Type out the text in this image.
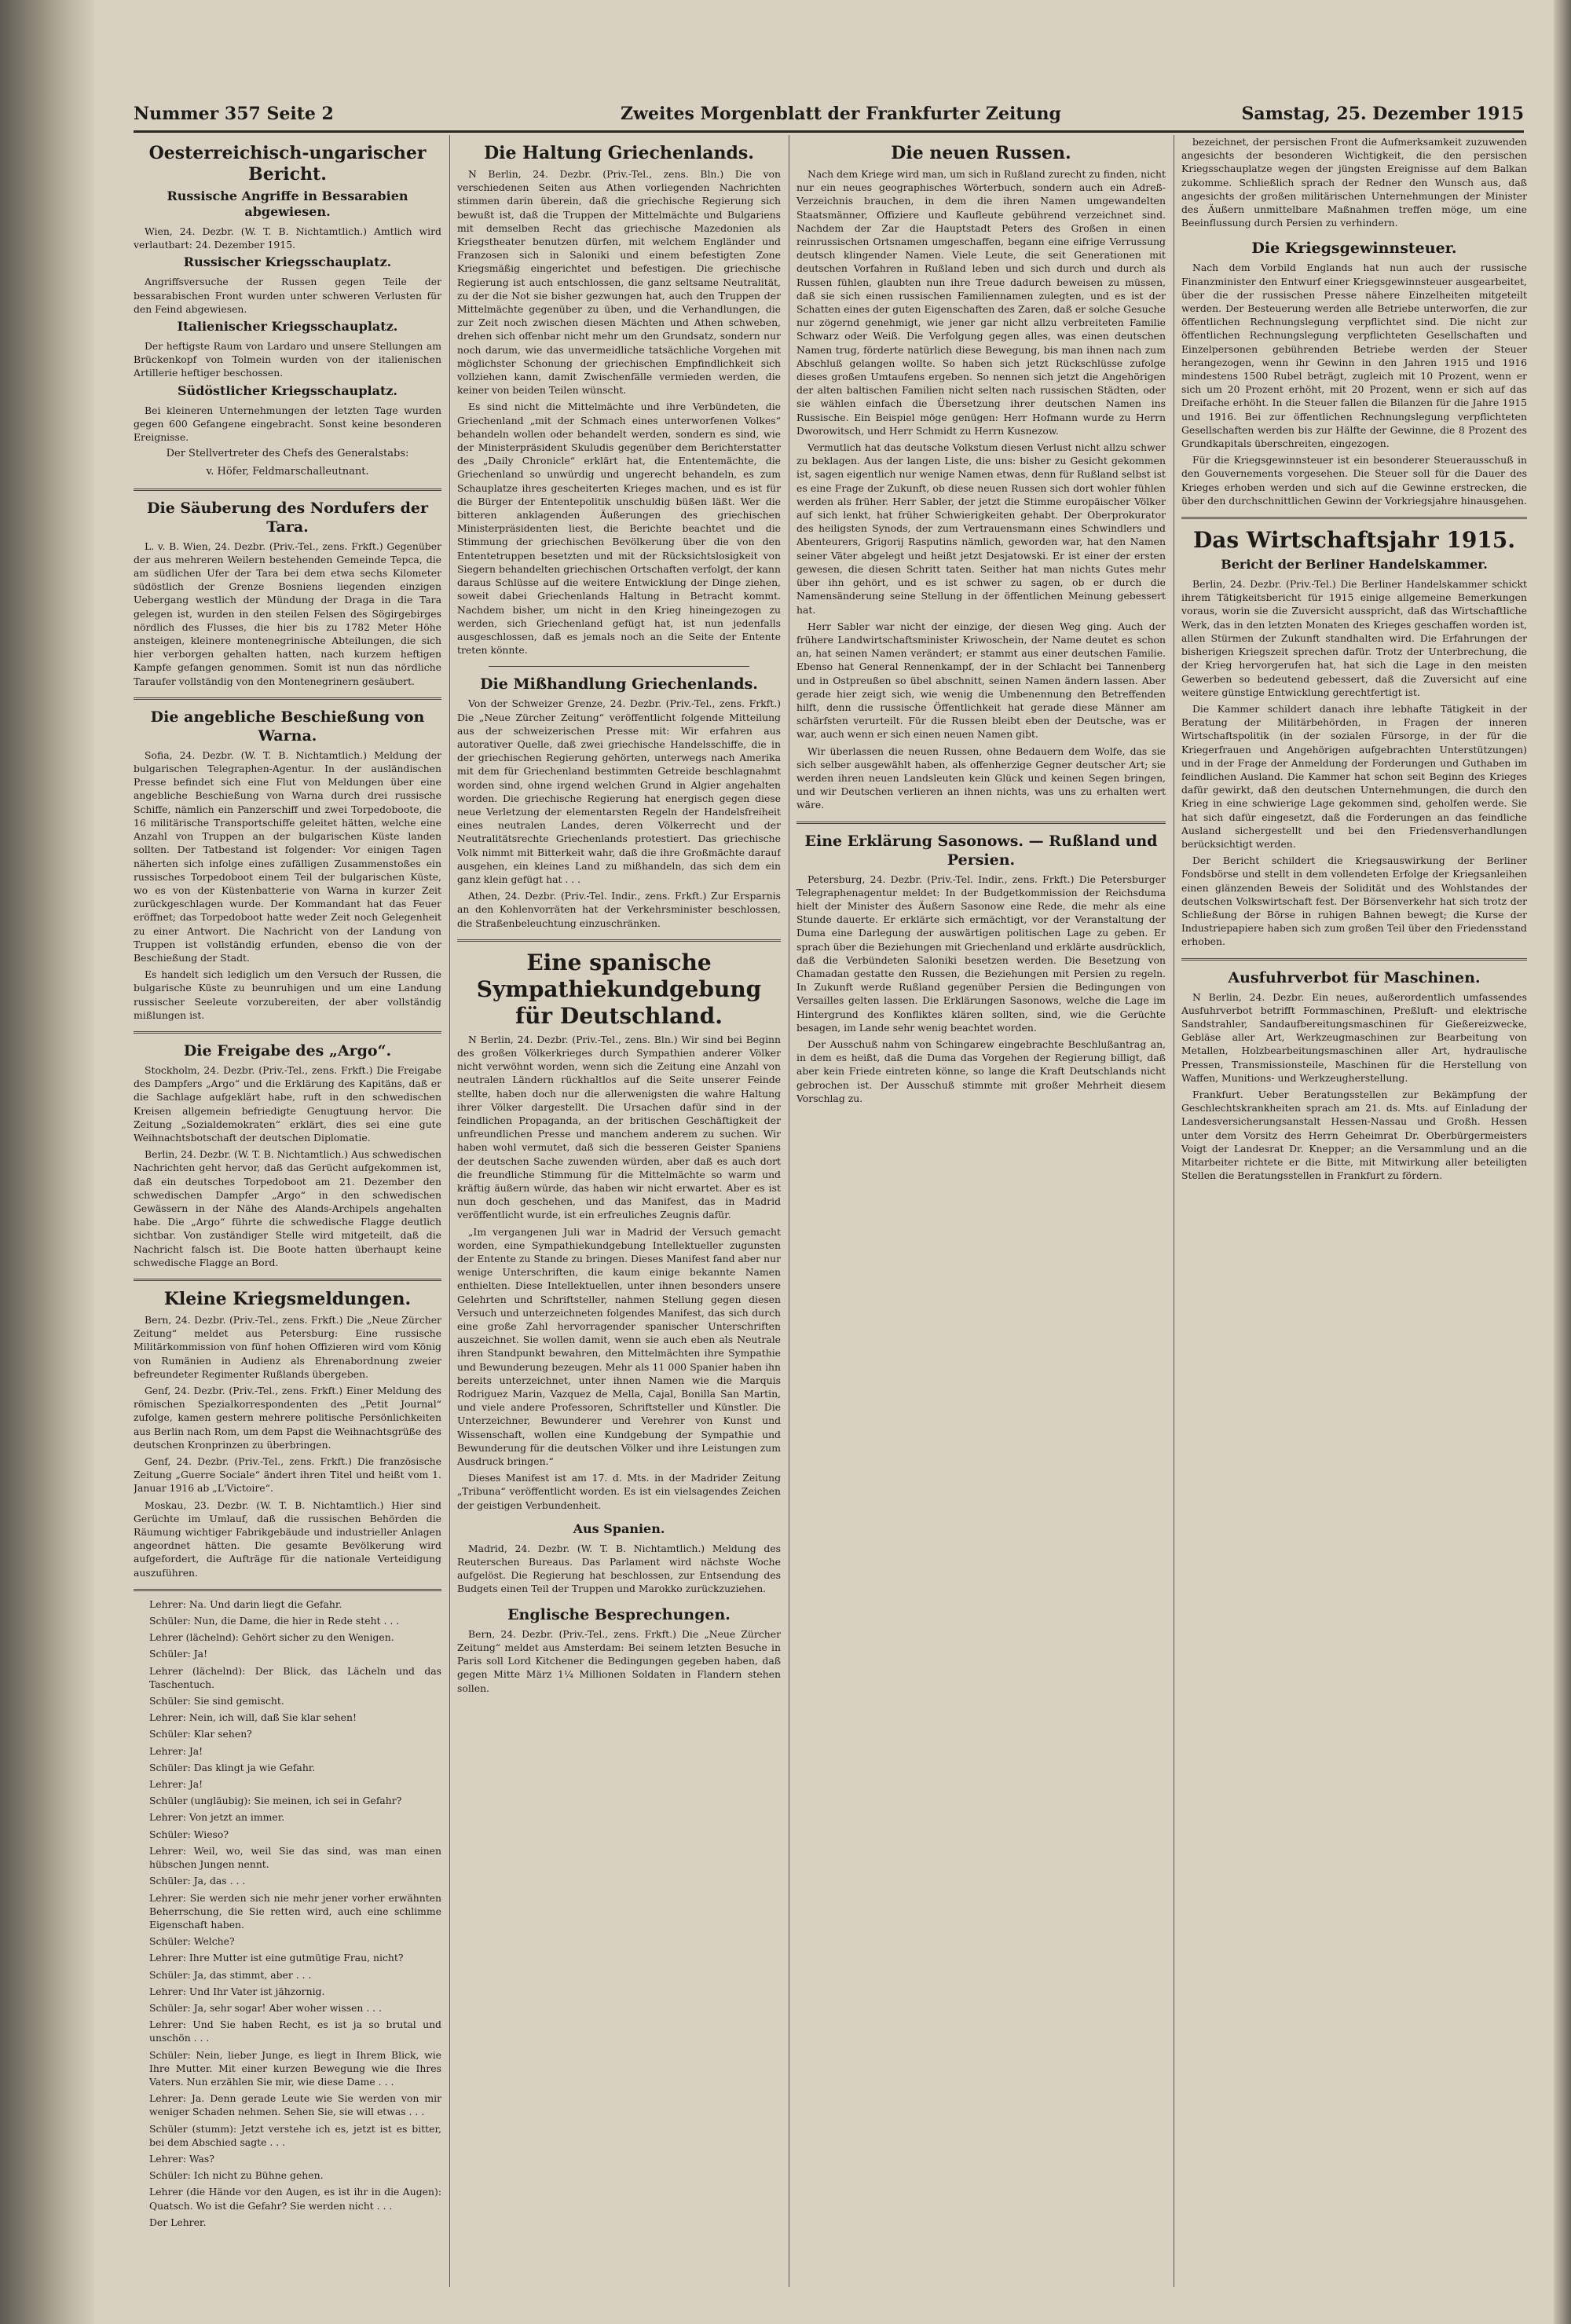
Nummer 357 Seite 2	Zweites Morgenblatt der Frankfurter Zeitung	Samstag, 25. Dezember 1915
Oesterreichisch-ungarischer Bericht.
Russische Angriffe in Bessarabien abgewiesen.

Wien, 24. Dezbr. (W. T. B. Nichtamtlich.) Amtlich wird verlautbart: 24. Dezember 1915.

Russischer Kriegsschauplatz.

Angriffsversuche der Russen gegen Teile der bessarabischen Front wurden unter schweren Verlusten für den Feind abgewiesen.

Italienischer Kriegsschauplatz.

Der heftigste Raum von Lardaro und unsere Stellungen am Brückenkopf von Tolmein wurden von der italienischen Artillerie heftiger beschossen.

Südöstlicher Kriegsschauplatz.

Bei kleineren Unternehmungen der letzten Tage wurden gegen 600 Gefangene eingebracht. Sonst keine besonderen Ereignisse.

Der Stellvertreter des Chefs des Generalstabs:
v. Höfer, Feldmarschalleutnant.
Die Säuberung des Nordufers der Tara.

L. v. B. Wien, 24. Dezbr. (Priv.-Tel., zens. Frkft.) Gegenüber der aus mehreren Weilern bestehenden Gemeinde Tepca, die am südlichen Ufer der Tara bei dem etwa sechs Kilometer südöstlich der Grenze Bosniens liegenden einzigen Uebergang westlich der Mündung der Draga in die Tara gelegen ist, wurden in den steilen Felsen des Sögirgebirges nördlich des Flusses, die hier bis zu 1782 Meter Höhe ansteigen, kleinere montenegrinische Abteilungen, die sich hier verborgen gehalten hatten, nach kurzem heftigen Kampfe gefangen genommen. Somit ist nun das nördliche Taraufer vollständig von den Montenegrinern gesäubert.

Die angebliche Beschießung von Warna.

Sofia, 24. Dezbr. (W. T. B. Nichtamtlich.) Meldung der bulgarischen Telegraphen-Agentur. In der ausländischen Presse befindet sich eine Flut von Meldungen über eine angebliche Beschießung von Warna durch drei russische Schiffe, nämlich ein Panzerschiff und zwei Torpedoboote, die 16 militärische Transportschiffe geleitet hätten, welche eine Anzahl von Truppen an der bulgarischen Küste landen sollten. Der Tatbestand ist folgender: Vor einigen Tagen näherten sich infolge eines zufälligen Zusammenstoßes ein russisches Torpedoboot einem Teil der bulgarischen Küste, wo es von der Küstenbatterie von Warna in kurzer Zeit zurückgeschlagen wurde. Der Kommandant hat das Feuer eröffnet; das Torpedoboot hatte weder Zeit noch Gelegenheit zu einer Antwort. Die Nachricht von der Landung von Truppen ist vollständig erfunden, ebenso die von der Beschießung der Stadt.

Es handelt sich lediglich um den Versuch der Russen, die bulgarische Küste zu beunruhigen und um eine Landung russischer Seeleute vorzubereiten, der aber vollständig mißlungen ist.

Die Freigabe des „Argo“.

Stockholm, 24. Dezbr. (Priv.-Tel., zens. Frkft.) Die Freigabe des Dampfers „Argo“ und die Erklärung des Kapitäns, daß er die Sachlage aufgeklärt habe, ruft in den schwedischen Kreisen allgemein befriedigte Genugtuung hervor. Die Zeitung „Sozialdemokraten“ erklärt, dies sei eine gute Weihnachtsbotschaft der deutschen Diplomatie.

Berlin, 24. Dezbr. (W. T. B. Nichtamtlich.) Aus schwedischen Nachrichten geht hervor, daß das Gerücht aufgekommen ist, daß ein deutsches Torpedoboot am 21. Dezember den schwedischen Dampfer „Argo“ in den schwedischen Gewässern in der Nähe des Alands-Archipels angehalten habe. Die „Argo“ führte die schwedische Flagge deutlich sichtbar. Von zuständiger Stelle wird mitgeteilt, daß die Nachricht falsch ist. Die Boote hatten überhaupt keine schwedische Flagge an Bord.

Kleine Kriegsmeldungen.

Bern, 24. Dezbr. (Priv.-Tel., zens. Frkft.) Die „Neue Zürcher Zeitung“ meldet aus Petersburg: Eine russische Militärkommission von fünf hohen Offizieren wird vom König von Rumänien in Audienz als Ehrenabordnung zweier befreundeter Regimenter Rußlands übergeben.

Genf, 24. Dezbr. (Priv.-Tel., zens. Frkft.) Einer Meldung des römischen Spezialkorrespondenten des „Petit Journal“ zufolge, kamen gestern mehrere politische Persönlichkeiten aus Berlin nach Rom, um dem Papst die Weihnachtsgrüße des deutschen Kronprinzen zu überbringen.

Genf, 24. Dezbr. (Priv.-Tel., zens. Frkft.) Die französische Zeitung „Guerre Sociale“ ändert ihren Titel und heißt vom 1. Januar 1916 ab „L'Victoire“.

Moskau, 23. Dezbr. (W. T. B. Nichtamtlich.) Hier sind Gerüchte im Umlauf, daß die russischen Behörden die Räumung wichtiger Fabrikgebäude und industrieller Anlagen angeordnet hätten. Die gesamte Bevölkerung wird aufgefordert, die Aufträge für die nationale Verteidigung auszuführen.

Lehrer: Na. Und darin liegt die Gefahr.

Schüler: Nun, die Dame, die hier in Rede steht . . .

Lehrer (lächelnd): Gehört sicher zu den Wenigen.

Schüler: Ja!

Lehrer (lächelnd): Der Blick, das Lächeln und das Taschentuch.

Schüler: Sie sind gemischt.

Lehrer: Nein, ich will, daß Sie klar sehen!

Schüler: Klar sehen?

Lehrer: Ja!

Schüler: Das klingt ja wie Gefahr.

Lehrer: Ja!

Schüler (ungläubig): Sie meinen, ich sei in Gefahr?

Lehrer: Von jetzt an immer.

Schüler: Wieso?

Lehrer: Weil, wo, weil Sie das sind, was man einen hübschen Jungen nennt.

Schüler: Ja, das . . .

Lehrer: Sie werden sich nie mehr jener vorher erwähnten Beherrschung, die Sie retten wird, auch eine schlimme Eigenschaft haben.

Schüler: Welche?

Lehrer: Ihre Mutter ist eine gutmütige Frau, nicht?

Schüler: Ja, das stimmt, aber . . .

Lehrer: Und Ihr Vater ist jähzornig.

Schüler: Ja, sehr sogar! Aber woher wissen . . .

Lehrer: Und Sie haben Recht, es ist ja so brutal und unschön . . .

Schüler: Nein, lieber Junge, es liegt in Ihrem Blick, wie Ihre Mutter. Mit einer kurzen Bewegung wie die Ihres Vaters. Nun erzählen Sie mir, wie diese Dame . . .

Lehrer: Ja. Denn gerade Leute wie Sie werden von mir weniger Schaden nehmen. Sehen Sie, sie will etwas . . .

Schüler (stumm): Jetzt verstehe ich es, jetzt ist es bitter, bei dem Abschied sagte . . .

Lehrer: Was?

Schüler: Ich nicht zu Bühne gehen.

Lehrer (die Hände vor den Augen, es ist ihr in die Augen): Quatsch. Wo ist die Gefahr? Sie werden nicht . . .

Der Lehrer.

Die Haltung Griechenlands.

N Berlin, 24. Dezbr. (Priv.-Tel., zens. Bln.) Die von verschiedenen Seiten aus Athen vorliegenden Nachrichten stimmen darin überein, daß die griechische Regierung sich bewußt ist, daß die Truppen der Mittelmächte und Bulgariens mit demselben Recht das griechische Mazedonien als Kriegstheater benutzen dürfen, mit welchem Engländer und Franzosen sich in Saloniki und einem befestigten Zone Kriegsmäßig eingerichtet und befestigen. Die griechische Regierung ist auch entschlossen, die ganz seltsame Neutralität, zu der die Not sie bisher gezwungen hat, auch den Truppen der Mittelmächte gegenüber zu üben, und die Verhandlungen, die zur Zeit noch zwischen diesen Mächten und Athen schweben, drehen sich offenbar nicht mehr um den Grundsatz, sondern nur noch darum, wie das unvermeidliche tatsächliche Vorgehen mit möglichster Schonung der griechischen Empfindlichkeit sich vollziehen kann, damit Zwischenfälle vermieden werden, die keiner von beiden Teilen wünscht.

Es sind nicht die Mittelmächte und ihre Verbündeten, die Griechenland „mit der Schmach eines unterworfenen Volkes“ behandeln wollen oder behandelt werden, sondern es sind, wie der Ministerpräsident Skuludis gegenüber dem Berichterstatter des „Daily Chronicle“ erklärt hat, die Ententemächte, die Griechenland so unwürdig und ungerecht behandeln, es zum Schauplatze ihres gescheiterten Krieges machen, und es ist für die Bürger der Ententepolitik unschuldig büßen läßt. Wer die bitteren anklagenden Äußerungen des griechischen Ministerpräsidenten liest, die Berichte beachtet und die Stimmung der griechischen Bevölkerung über die von den Ententetruppen besetzten und mit der Rücksichtslosigkeit von Siegern behandelten griechischen Ortschaften verfolgt, der kann daraus Schlüsse auf die weitere Entwicklung der Dinge ziehen, soweit dabei Griechenlands Haltung in Betracht kommt. Nachdem bisher, um nicht in den Krieg hineingezogen zu werden, sich Griechenland gefügt hat, ist nun jedenfalls ausgeschlossen, daß es jemals noch an die Seite der Entente treten könnte.

Die Mißhandlung Griechenlands.

Von der Schweizer Grenze, 24. Dezbr. (Priv.-Tel., zens. Frkft.) Die „Neue Zürcher Zeitung“ veröffentlicht folgende Mitteilung aus der schweizerischen Presse mit: Wir erfahren aus autorativer Quelle, daß zwei griechische Handelsschiffe, die in der griechischen Regierung gehörten, unterwegs nach Amerika mit dem für Griechenland bestimmten Getreide beschlagnahmt worden sind, ohne irgend welchen Grund in Algier angehalten worden. Die griechische Regierung hat energisch gegen diese neue Verletzung der elementarsten Regeln der Handelsfreiheit eines neutralen Landes, deren Völkerrecht und der Neutralitätsrechte Griechenlands protestiert. Das griechische Volk nimmt mit Bitterkeit wahr, daß die ihre Großmächte darauf ausgehen, ein kleines Land zu mißhandeln, das sich dem ein ganz klein gefügt hat . . .

Athen, 24. Dezbr. (Priv.-Tel. Indir., zens. Frkft.) Zur Ersparnis an den Kohlenvorräten hat der Verkehrsminister beschlossen, die Straßenbeleuchtung einzuschränken.

Eine spanische Sympathiekundgebung für Deutschland.

N Berlin, 24. Dezbr. (Priv.-Tel., zens. Bln.) Wir sind bei Beginn des großen Völkerkrieges durch Sympathien anderer Völker nicht verwöhnt worden, wenn sich die Zeitung eine Anzahl von neutralen Ländern rückhaltlos auf die Seite unserer Feinde stellte, haben doch nur die allerwenigsten die wahre Haltung ihrer Völker dargestellt. Die Ursachen dafür sind in der feindlichen Propaganda, an der britischen Geschäftigkeit der unfreundlichen Presse und manchem anderem zu suchen. Wir haben wohl vermutet, daß sich die besseren Geister Spaniens der deutschen Sache zuwenden würden, aber daß es auch dort die freundliche Stimmung für die Mittelmächte so warm und kräftig äußern würde, das haben wir nicht erwartet. Aber es ist nun doch geschehen, und das Manifest, das in Madrid veröffentlicht wurde, ist ein erfreuliches Zeugnis dafür.

„Im vergangenen Juli war in Madrid der Versuch gemacht worden, eine Sympathiekundgebung Intellektueller zugunsten der Entente zu Stande zu bringen. Dieses Manifest fand aber nur wenige Unterschriften, die kaum einige bekannte Namen enthielten. Diese Intellektuellen, unter ihnen besonders unsere Gelehrten und Schriftsteller, nahmen Stellung gegen diesen Versuch und unterzeichneten folgendes Manifest, das sich durch eine große Zahl hervorragender spanischer Unterschriften auszeichnet. Sie wollen damit, wenn sie auch eben als Neutrale ihren Standpunkt bewahren, den Mittelmächten ihre Sympathie und Bewunderung bezeugen. Mehr als 11 000 Spanier haben ihn bereits unterzeichnet, unter ihnen Namen wie die Marquis Rodriguez Marin, Vazquez de Mella, Cajal, Bonilla San Martin, und viele andere Professoren, Schriftsteller und Künstler. Die Unterzeichner, Bewunderer und Verehrer von Kunst und Wissenschaft, wollen eine Kundgebung der Sympathie und Bewunderung für die deutschen Völker und ihre Leistungen zum Ausdruck bringen.“

Dieses Manifest ist am 17. d. Mts. in der Madrider Zeitung „Tribuna“ veröffentlicht worden. Es ist ein vielsagendes Zeichen der geistigen Verbundenheit.

Aus Spanien.

Madrid, 24. Dezbr. (W. T. B. Nichtamtlich.) Meldung des Reuterschen Bureaus. Das Parlament wird nächste Woche aufgelöst. Die Regierung hat beschlossen, zur Entsendung des Budgets einen Teil der Truppen und Marokko zurückzuziehen.

Englische Besprechungen.

Bern, 24. Dezbr. (Priv.-Tel., zens. Frkft.) Die „Neue Zürcher Zeitung“ meldet aus Amsterdam: Bei seinem letzten Besuche in Paris soll Lord Kitchener die Bedingungen gegeben haben, daß gegen Mitte März 1¼ Millionen Soldaten in Flandern stehen sollen.

Die neuen Russen.

Nach dem Kriege wird man, um sich in Rußland zurecht zu finden, nicht nur ein neues geographisches Wörterbuch, sondern auch ein Adreß-Verzeichnis brauchen, in dem die ihren Namen umgewandelten Staatsmänner, Offiziere und Kaufleute gebührend verzeichnet sind. Nachdem der Zar die Hauptstadt Peters des Großen in einen reinrussischen Ortsnamen umgeschaffen, begann eine eifrige Verrussung deutsch klingender Namen. Viele Leute, die seit Generationen mit deutschen Vorfahren in Rußland leben und sich durch und durch als Russen fühlen, glaubten nun ihre Treue dadurch beweisen zu müssen, daß sie sich einen russischen Familiennamen zulegten, und es ist der Schatten eines der guten Eigenschaften des Zaren, daß er solche Gesuche nur zögernd genehmigt, wie jener gar nicht allzu verbreiteten Familie Schwarz oder Weiß. Die Verfolgung gegen alles, was einen deutschen Namen trug, förderte natürlich diese Bewegung, bis man ihnen nach zum Abschluß gelangen wollte. So haben sich jetzt Rückschlüsse zufolge dieses großen Umtaufens ergeben. So nennen sich jetzt die Angehörigen der alten baltischen Familien nicht selten nach russischen Städten, oder sie wählen einfach die Übersetzung ihrer deutschen Namen ins Russische. Ein Beispiel möge genügen: Herr Hofmann wurde zu Herrn Dworowitsch, und Herr Schmidt zu Herrn Kusnezow.

Vermutlich hat das deutsche Volkstum diesen Verlust nicht allzu schwer zu beklagen. Aus der langen Liste, die uns: bisher zu Gesicht gekommen ist, sagen eigentlich nur wenige Namen etwas, denn für Rußland selbst ist es eine Frage der Zukunft, ob diese neuen Russen sich dort wohler fühlen werden als früher. Herr Sabler, der jetzt die Stimme europäischer Völker auf sich lenkt, hat früher Schwierigkeiten gehabt. Der Oberprokurator des heiligsten Synods, der zum Vertrauensmann eines Schwindlers und Abenteurers, Grigorij Rasputins nämlich, geworden war, hat den Namen seiner Väter abgelegt und heißt jetzt Desjatowski. Er ist einer der ersten gewesen, die diesen Schritt taten. Seither hat man nichts Gutes mehr über ihn gehört, und es ist schwer zu sagen, ob er durch die Namensänderung seine Stellung in der öffentlichen Meinung gebessert hat.

Herr Sabler war nicht der einzige, der diesen Weg ging. Auch der frühere Landwirtschaftsminister Kriwoschein, der Name deutet es schon an, hat seinen Namen verändert; er stammt aus einer deutschen Familie. Ebenso hat General Rennenkampf, der in der Schlacht bei Tannenberg und in Ostpreußen so übel abschnitt, seinen Namen ändern lassen. Aber gerade hier zeigt sich, wie wenig die Umbenennung den Betreffenden hilft, denn die russische Öffentlichkeit hat gerade diese Männer am schärfsten verurteilt. Für die Russen bleibt eben der Deutsche, was er war, auch wenn er sich einen neuen Namen gibt.

Wir überlassen die neuen Russen, ohne Bedauern dem Wolfe, das sie sich selber ausgewählt haben, als offenherzige Gegner deutscher Art; sie werden ihren neuen Landsleuten kein Glück und keinen Segen bringen, und wir Deutschen verlieren an ihnen nichts, was uns zu erhalten wert wäre.

Eine Erklärung Sasonows. — Rußland und Persien.

Petersburg, 24. Dezbr. (Priv.-Tel. Indir., zens. Frkft.) Die Petersburger Telegraphenagentur meldet: In der Budgetkommission der Reichsduma hielt der Minister des Äußern Sasonow eine Rede, die mehr als eine Stunde dauerte. Er erklärte sich ermächtigt, vor der Veranstaltung der Duma eine Darlegung der auswärtigen politischen Lage zu geben. Er sprach über die Beziehungen mit Griechenland und erklärte ausdrücklich, daß die Verbündeten Saloniki besetzen werden. Die Besetzung von Chamadan gestatte den Russen, die Beziehungen mit Persien zu regeln. In Zukunft werde Rußland gegenüber Persien die Bedingungen von Versailles gelten lassen. Die Erklärungen Sasonows, welche die Lage im Hintergrund des Konfliktes klären sollten, sind, wie die Gerüchte besagen, im Lande sehr wenig beachtet worden.

Der Ausschuß nahm von Schingarew eingebrachte Beschlußantrag an, in dem es heißt, daß die Duma das Vorgehen der Regierung billigt, daß aber kein Friede eintreten könne, so lange die Kraft Deutschlands nicht gebrochen ist. Der Ausschuß stimmte mit großer Mehrheit diesem Vorschlag zu.

bezeichnet, der persischen Front die Aufmerksamkeit zuzuwenden angesichts der besonderen Wichtigkeit, die den persischen Kriegsschauplatze wegen der jüngsten Ereignisse auf dem Balkan zukomme. Schließlich sprach der Redner den Wunsch aus, daß angesichts der großen militärischen Unternehmungen der Minister des Äußern unmittelbare Maßnahmen treffen möge, um eine Beeinflussung durch Persien zu verhindern.

Die Kriegsgewinnsteuer.

Nach dem Vorbild Englands hat nun auch der russische Finanzminister den Entwurf einer Kriegsgewinnsteuer ausgearbeitet, über die der russischen Presse nähere Einzelheiten mitgeteilt werden. Der Besteuerung werden alle Betriebe unterworfen, die zur öffentlichen Rechnungslegung verpflichtet sind. Die nicht zur öffentlichen Rechnungslegung verpflichteten Gesellschaften und Einzelpersonen gebührenden Betriebe werden der Steuer herangezogen, wenn ihr Gewinn in den Jahren 1915 und 1916 mindestens 1500 Rubel beträgt, zugleich mit 10 Prozent, wenn er sich um 20 Prozent erhöht, mit 20 Prozent, wenn er sich auf das Dreifache erhöht. In die Steuer fallen die Bilanzen für die Jahre 1915 und 1916. Bei zur öffentlichen Rechnungslegung verpflichteten Gesellschaften werden bis zur Hälfte der Gewinne, die 8 Prozent des Grundkapitals überschreiten, eingezogen.

Für die Kriegsgewinnsteuer ist ein besonderer Steuerausschuß in den Gouvernements vorgesehen. Die Steuer soll für die Dauer des Krieges erhoben werden und sich auf die Gewinne erstrecken, die über den durchschnittlichen Gewinn der Vorkriegsjahre hinausgehen.

Das Wirtschaftsjahr 1915.
Bericht der Berliner Handelskammer.

Berlin, 24. Dezbr. (Priv.-Tel.) Die Berliner Handelskammer schickt ihrem Tätigkeitsbericht für 1915 einige allgemeine Bemerkungen voraus, worin sie die Zuversicht ausspricht, daß das Wirtschaftliche Werk, das in den letzten Monaten des Krieges geschaffen worden ist, allen Stürmen der Zukunft standhalten wird. Die Erfahrungen der bisherigen Kriegszeit sprechen dafür. Trotz der Unterbrechung, die der Krieg hervorgerufen hat, hat sich die Lage in den meisten Gewerben so bedeutend gebessert, daß die Zuversicht auf eine weitere günstige Entwicklung gerechtfertigt ist.

Die Kammer schildert danach ihre lebhafte Tätigkeit in der Beratung der Militärbehörden, in Fragen der inneren Wirtschaftspolitik (in der sozialen Fürsorge, in der für die Kriegerfrauen und Angehörigen aufgebrachten Unterstützungen) und in der Frage der Anmeldung der Forderungen und Guthaben im feindlichen Ausland. Die Kammer hat schon seit Beginn des Krieges dafür gewirkt, daß den deutschen Unternehmungen, die durch den Krieg in eine schwierige Lage gekommen sind, geholfen werde. Sie hat sich dafür eingesetzt, daß die Forderungen an das feindliche Ausland sichergestellt und bei den Friedensverhandlungen berücksichtigt werden.

Der Bericht schildert die Kriegsauswirkung der Berliner Fondsbörse und stellt in dem vollendeten Erfolge der Kriegsanleihen einen glänzenden Beweis der Solidität und des Wohlstandes der deutschen Volkswirtschaft fest. Der Börsenverkehr hat sich trotz der Schließung der Börse in ruhigen Bahnen bewegt; die Kurse der Industriepapiere haben sich zum großen Teil über den Friedensstand erhoben.

Ausfuhrverbot für Maschinen.

N Berlin, 24. Dezbr. Ein neues, außerordentlich umfassendes Ausfuhrverbot betrifft Formmaschinen, Preßluft- und elektrische Sandstrahler, Sandaufbereitungsmaschinen für Gießereizwecke, Gebläse aller Art, Werkzeugmaschinen zur Bearbeitung von Metallen, Holzbearbeitungsmaschinen aller Art, hydraulische Pressen, Transmissionsteile, Maschinen für die Herstellung von Waffen, Munitions- und Werkzeugherstellung.

Frankfurt. Ueber Beratungsstellen zur Bekämpfung der Geschlechtskrankheiten sprach am 21. ds. Mts. auf Einladung der Landesversicherungsanstalt Hessen-Nassau und Großh. Hessen unter dem Vorsitz des Herrn Geheimrat Dr. Oberbürgermeisters Voigt der Landesrat Dr. Knepper; an die Versammlung und an die Mitarbeiter richtete er die Bitte, mit Mitwirkung aller beteiligten Stellen die Beratungsstellen in Frankfurt zu fördern.
